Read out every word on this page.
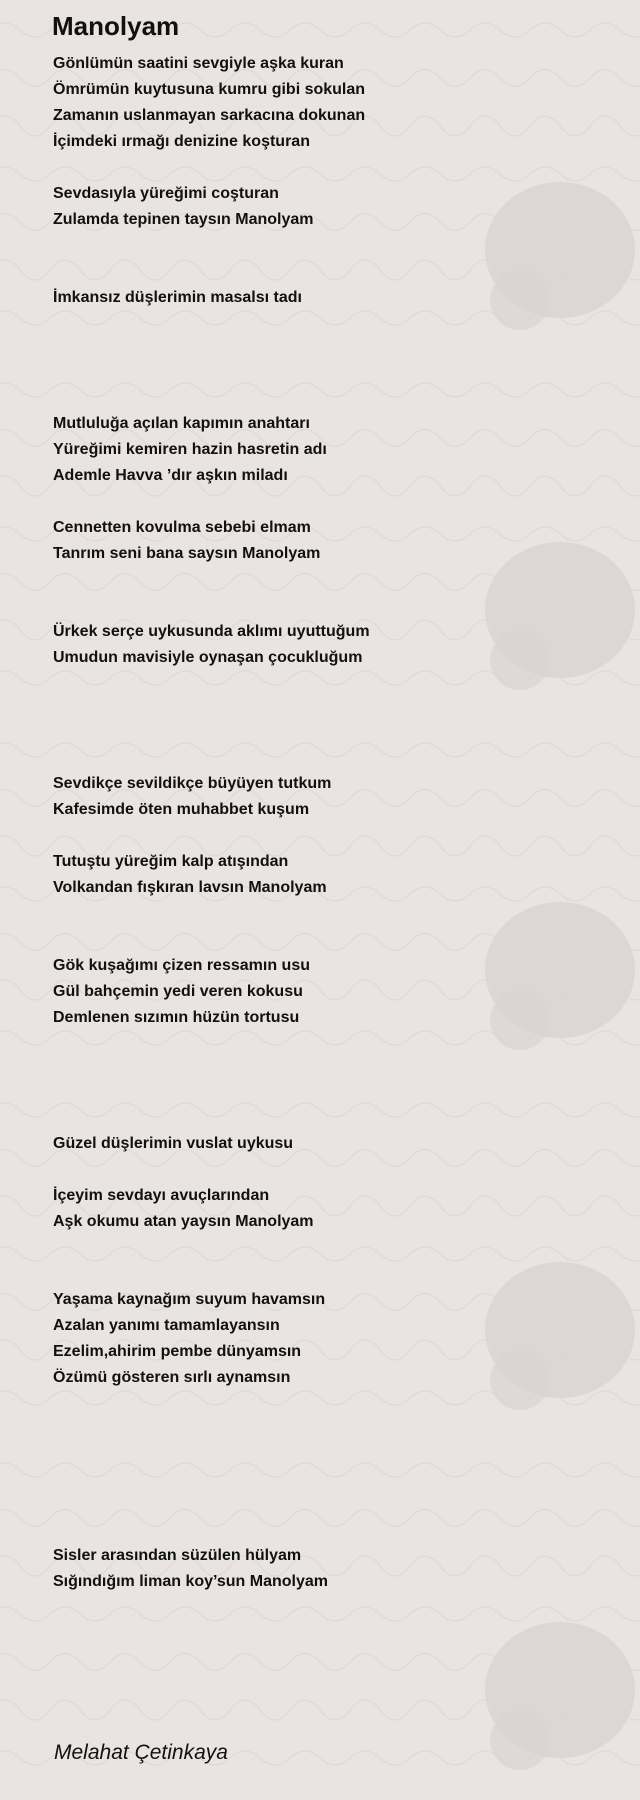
Manolyam
Gönlümün saatini sevgiyle aşka kuran
Ömrümün kuytusuna kumru gibi sokulan
Zamanın uslanmayan sarkacına dokunan
İçimdeki ırmağı denizine koşturan
Sevdasıyla yüreğimi coşturan
Zulamda tepinen taysın Manolyam
İmkansız düşlerimin masalsı tadı
Mutluluğa açılan kapımın anahtarı
Yüreğimi kemiren hazin hasretin adı
Ademle Havva ’dır aşkın miladı
Cennetten kovulma sebebi elmam
Tanrım seni bana saysın Manolyam
Ürkek serçe uykusunda aklımı uyuttuğum
Umudun mavisiyle oynaşan çocukluğum
Sevdikçe sevildikçe büyüyen tutkum
Kafesimde öten muhabbet kuşum
Tutuştu yüreğim kalp atışından
Volkandan fışkıran lavsın Manolyam
Gök kuşağımı çizen ressamın usu
Gül bahçemin yedi veren kokusu
Demlenen sızımın hüzün tortusu
Güzel düşlerimin vuslat uykusu
İçeyim sevdayı avuçlarından
Aşk okumu atan yaysın Manolyam
Yaşama kaynağım suyum havamsın
Azalan yanımı tamamlayansın
Ezelim,ahirim pembe dünyamsın
Özümü gösteren sırlı aynamsın
Sisler arasından süzülen hülyam
Sığındığım liman koy’sun Manolyam
Melahat Çetinkaya
